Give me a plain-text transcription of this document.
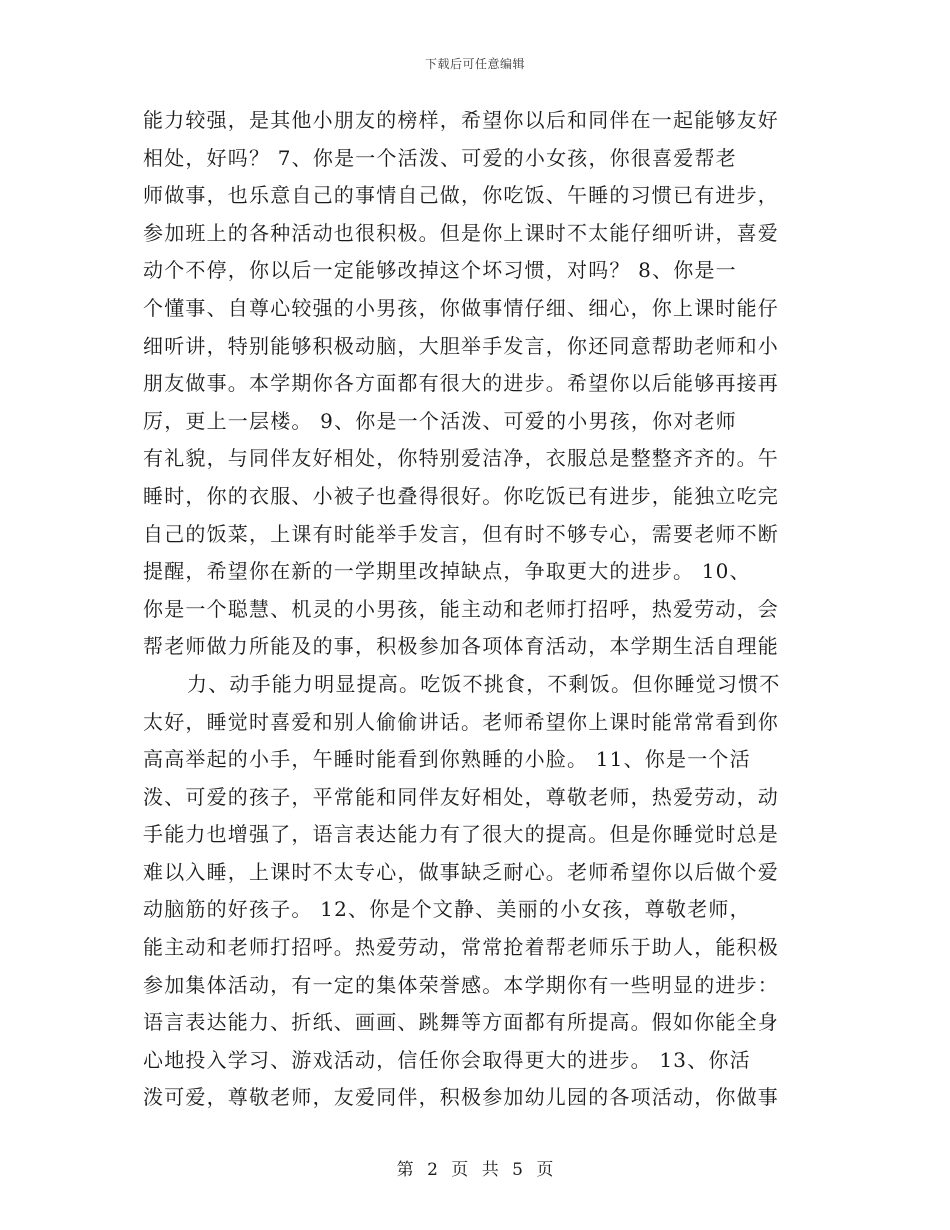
下载后可任意编辑
能力较强，是其他小朋友的榜样，希望你以后和同伴在一起能够友好
相处，好吗？ 7、你是一个活泼、可爱的小女孩，你很喜爱帮老
师做事，也乐意自己的事情自己做，你吃饭、午睡的习惯已有进步，
参加班上的各种活动也很积极。但是你上课时不太能仔细听讲，喜爱
动个不停，你以后一定能够改掉这个坏习惯，对吗？ 8、你是一
个懂事、自尊心较强的小男孩，你做事情仔细、细心，你上课时能仔
细听讲，特别能够积极动脑，大胆举手发言，你还同意帮助老师和小
朋友做事。本学期你各方面都有很大的进步。希望你以后能够再接再
厉，更上一层楼。 9、你是一个活泼、可爱的小男孩，你对老师
有礼貌，与同伴友好相处，你特别爱洁净，衣服总是整整齐齐的。午
睡时，你的衣服、小被子也叠得很好。你吃饭已有进步，能独立吃完
自己的饭菜，上课有时能举手发言，但有时不够专心，需要老师不断
提醒，希望你在新的一学期里改掉缺点，争取更大的进步。 10、
你是一个聪慧、机灵的小男孩，能主动和老师打招呼，热爱劳动，会
帮老师做力所能及的事，积极参加各项体育活动，本学期生活自理能
力、动手能力明显提高。吃饭不挑食，不剩饭。但你睡觉习惯不
太好，睡觉时喜爱和别人偷偷讲话。老师希望你上课时能常常看到你
高高举起的小手，午睡时能看到你熟睡的小脸。 11、你是一个活
泼、可爱的孩子，平常能和同伴友好相处，尊敬老师，热爱劳动，动
手能力也增强了，语言表达能力有了很大的提高。但是你睡觉时总是
难以入睡，上课时不太专心，做事缺乏耐心。老师希望你以后做个爱
动脑筋的好孩子。 12、你是个文静、美丽的小女孩，尊敬老师，
能主动和老师打招呼。热爱劳动，常常抢着帮老师乐于助人，能积极
参加集体活动，有一定的集体荣誉感。本学期你有一些明显的进步：
语言表达能力、折纸、画画、跳舞等方面都有所提高。假如你能全身
心地投入学习、游戏活动，信任你会取得更大的进步。 13、你活
泼可爱，尊敬老师，友爱同伴，积极参加幼儿园的各项活动，你做事
第 2 页 共 5 页
